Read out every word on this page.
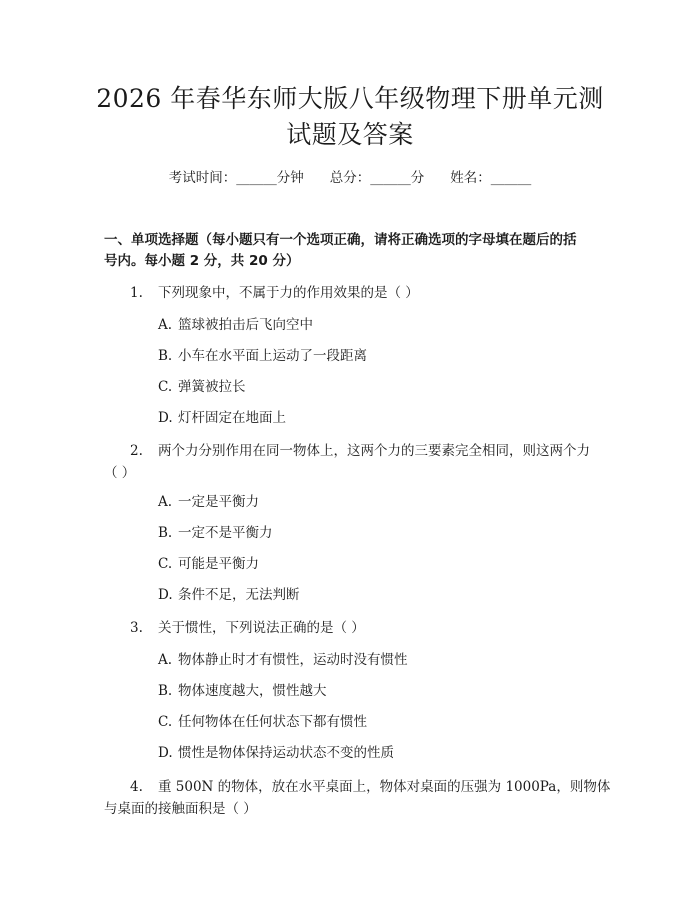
2026 年春华东师大版八年级物理下册单元测
试题及答案
考试时间：______分钟 总分：______分 姓名：______
一、单项选择题（每小题只有一个选项正确，请将正确选项的字母填在题后的括
号内。每小题 2 分，共 20 分）
1. 下列现象中，不属于力的作用效果的是（ ）
A. 篮球被拍击后飞向空中
B. 小车在水平面上运动了一段距离
C. 弹簧被拉长
D. 灯杆固定在地面上
2. 两个力分别作用在同一物体上，这两个力的三要素完全相同，则这两个力
（ ）
A. 一定是平衡力
B. 一定不是平衡力
C. 可能是平衡力
D. 条件不足，无法判断
3. 关于惯性，下列说法正确的是（ ）
A. 物体静止时才有惯性，运动时没有惯性
B. 物体速度越大，惯性越大
C. 任何物体在任何状态下都有惯性
D. 惯性是物体保持运动状态不变的性质
4. 重 500N 的物体，放在水平桌面上，物体对桌面的压强为 1000Pa，则物体
与桌面的接触面积是（ ）
